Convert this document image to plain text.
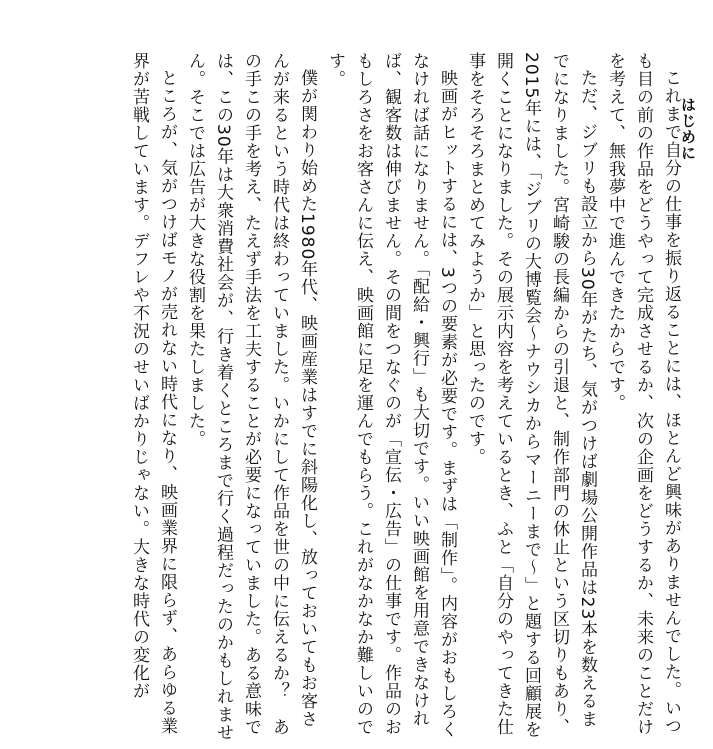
はじめに

これまで自分の仕事を振り返ることには、ほとんど興味がありませんでした。いつも目の前の作品をどうやって完成させるか、次の企画をどうするか、未来のことだけを考えて、無我夢中で進んできたからです。

ただ、ジブリも設立から30年がたち、気がつけば劇場公開作品は23本を数えるまでになりました。宮崎駿の長編からの引退と、制作部門の休止という区切りもあり、2015年には、「ジブリの大博覧会～ナウシカからマーニーまで～」と題する回顧展を開くことになりました。その展示内容を考えているとき、ふと「自分のやってきた仕事をそろそろまとめてみようか」と思ったのです。

映画がヒットするには、3つの要素が必要です。まずは「制作」。内容がおもしろくなければ話になりません。「配給・興行」も大切です。いい映画館を用意できなければ、観客数は伸びません。その間をつなぐのが「宣伝・広告」の仕事です。作品のおもしろさをお客さんに伝え、映画館に足を運んでもらう。これがなかなか難しいのです。

僕が関わり始めた1980年代、映画産業はすでに斜陽化し、放っておいてもお客さんが来るという時代は終わっていました。いかにして作品を世の中に伝えるか？　あの手この手を考え、たえず手法を工夫することが必要になっていました。ある意味では、この30年は大衆消費社会が、行き着くところまで行く過程だったのかもしれません。そこでは広告が大きな役割を果たしました。

ところが、気がつけばモノが売れない時代になり、映画業界に限らず、あらゆる業界が苦戦しています。デフレや不況のせいばかりじゃない。大きな時代の変化が
